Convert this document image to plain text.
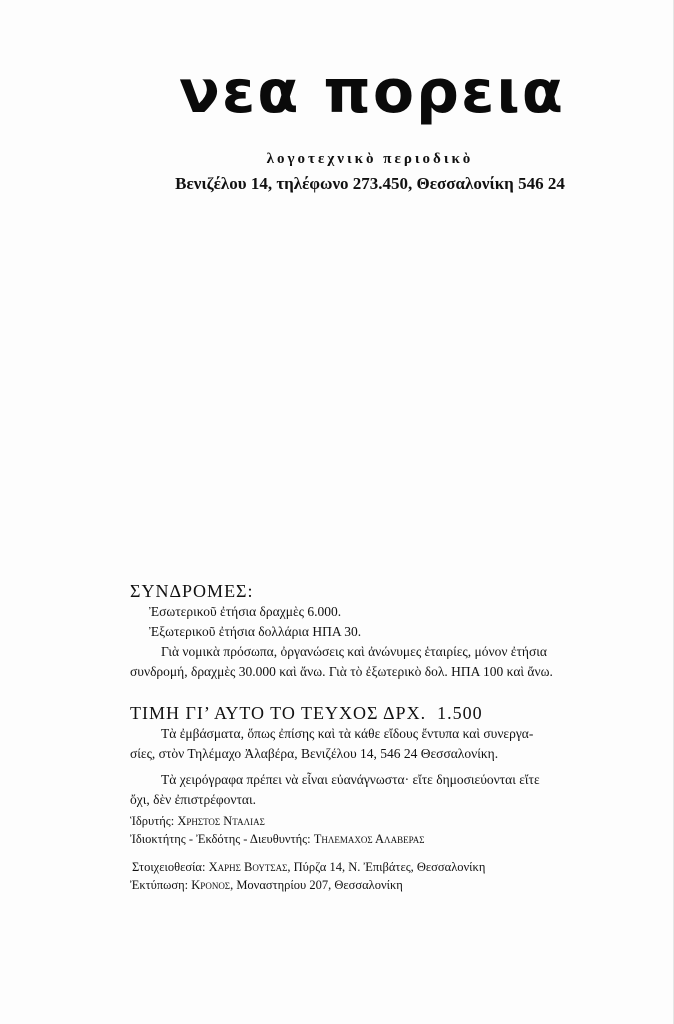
νεα πορεια
λογοτεχνικὸ περιοδικὸ
Βενιζέλου 14, τηλέφωνο 273.450, Θεσσαλονίκη 546 24
ΣΥΝΔΡΟΜΕΣ:
Ἐσωτερικοῦ ἐτήσια δραχμὲς 6.000.
Ἐξωτερικοῦ ἐτήσια δολλάρια ΗΠΑ 30.
Γιὰ νομικὰ πρόσωπα, ὀργανώσεις καὶ ἀνώνυμες ἑταιρίες, μόνον ἐτήσια
συνδρομή, δραχμὲς 30.000 καὶ ἄνω. Γιὰ τὸ ἐξωτερικὸ δολ. ΗΠΑ 100 καὶ ἄνω.
ΤΙΜΗ ΓΙ’ ΑΥΤΟ ΤΟ ΤΕΥΧΟΣ ΔΡΧ.  1.500
Τὰ ἐμβάσματα, ὅπως ἐπίσης καὶ τὰ κάθε εἴδους ἔντυπα καὶ συνεργα-
σίες, στὸν Τηλέμαχο Ἀλαβέρα, Βενιζέλου 14, 546 24 Θεσσαλονίκη.
Τὰ χειρόγραφα πρέπει νὰ εἶναι εὐανάγνωστα· εἴτε δημοσιεύονται εἴτε
ὄχι, δὲν ἐπιστρέφονται.
Ἱδρυτής: Χρηστος Νταλιας
Ἰδιοκτήτης - Ἐκδότης - Διευθυντής: Τηλεμαχος Αλαβερας
Στοιχειοθεσία: Χαρης Βουτσας, Πύρζα 14, Ν. Ἐπιβάτες, Θεσσαλονίκη
Ἐκτύπωση: Κρονος, Μοναστηρίου 207, Θεσσαλονίκη
